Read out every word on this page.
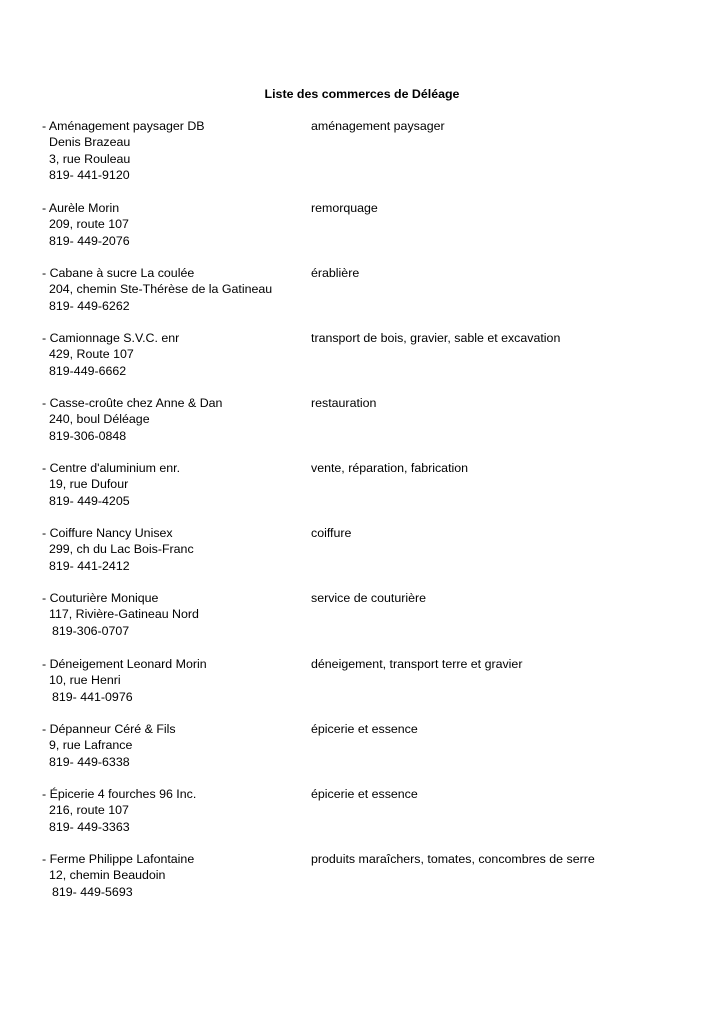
Liste des commerces de Déléage
- Aménagement paysager DB
Denis Brazeau
3, rue Rouleau
819- 441-9120
aménagement paysager
- Aurèle Morin
209, route 107
819- 449-2076
remorquage
- Cabane à sucre La coulée
204, chemin Ste-Thérèse de la Gatineau
819- 449-6262
érablière
- Camionnage S.V.C. enr
429, Route 107
819-449-6662
transport de bois, gravier, sable et excavation
- Casse-croûte chez Anne & Dan
240, boul Déléage
819-306-0848
restauration
- Centre d'aluminium enr.
19, rue Dufour
819- 449-4205
vente, réparation, fabrication
- Coiffure Nancy Unisex
299, ch du Lac Bois-Franc
819- 441-2412
coiffure
- Couturière Monique
117, Rivière-Gatineau Nord
819-306-0707
service de couturière
- Déneigement Leonard Morin
10, rue Henri
819- 441-0976
déneigement, transport terre et gravier
- Dépanneur Céré & Fils
9, rue Lafrance
819- 449-6338
épicerie et essence
- Épicerie 4 fourches 96 Inc.
216, route 107
819- 449-3363
épicerie et essence
- Ferme Philippe Lafontaine
12, chemin Beaudoin
819- 449-5693
produits maraîchers, tomates, concombres de serre
